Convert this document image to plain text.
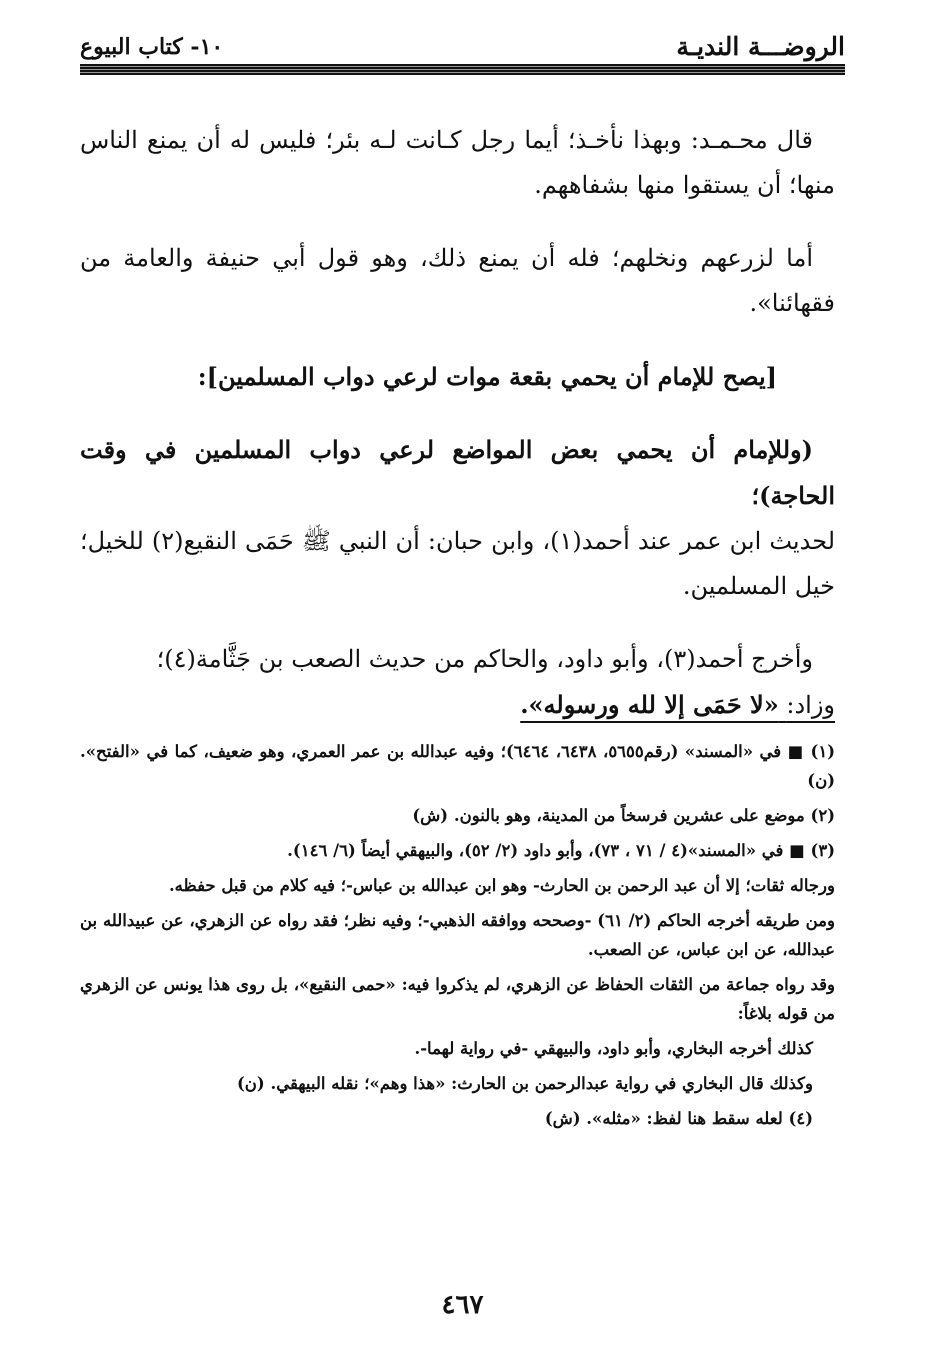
الروضـــة النديـة
١٠- كتاب البيوع

قال محـمـد: وبهذا نأخـذ؛ أيما رجل كـانت لـه بئر؛ فليس له أن يمنع الناس منها؛ أن يستقوا منها بشفاههم.

أما لزرعهم ونخلهم؛ فله أن يمنع ذلك، وهو قول أبي حنيفة والعامة من فقهائنا».

[يصح للإمام أن يحمي بقعة موات لرعي دواب المسلمين]:

(وللإمام أن يحمي بعض المواضع لرعي دواب المسلمين في وقت الحاجة)؛
لحديث ابن عمر عند أحمد(١)، وابن حبان: أن النبي ﷺ حَمَى النقيع(٢) للخيل؛ خيل المسلمين.

وأخرج أحمد(٣)، وأبو داود، والحاكم من حديث الصعب بن جَثَّامة(٤)؛
وزاد: «لا حَمَى إلا لله ورسوله».

(١) ■ في «المسند» (رقم٥٦٥٥، ٦٤٣٨، ٦٤٦٤)؛ وفيه عبدالله بن عمر العمري، وهو ضعيف، كما في «الفتح». (ن)

(٢) موضع على عشرين فرسخاً من المدينة، وهو بالنون. (ش)

(٣) ■ في «المسند»(٤ / ٧١ ، ٧٣)، وأبو داود (٢/ ٥٢)، والبيهقي أيضاً (٦/ ١٤٦).

ورجاله ثقات؛ إلا أن عبد الرحمن بن الحارث- وهو ابن عبدالله بن عباس-؛ فيه كلام من قبل حفظه.

ومن طريقه أخرجه الحاكم (٢/ ٦١) -وصححه ووافقه الذهبي-؛ وفيه نظر؛ فقد رواه عن الزهري، عن عبيدالله بن عبدالله، عن ابن عباس، عن الصعب.

وقد رواه جماعة من الثقات الحفاظ عن الزهري، لم يذكروا فيه: «حمى النقيع»، بل روى هذا يونس عن الزهري من قوله بلاغاً:

كذلك أخرجه البخاري، وأبو داود، والبيهقي -في رواية لهما-.

وكذلك قال البخاري في رواية عبدالرحمن بن الحارث: «هذا وهم»؛ نقله البيهقي. (ن)

(٤) لعله سقط هنا لفظ: «مثله». (ش)

٤٦٧
